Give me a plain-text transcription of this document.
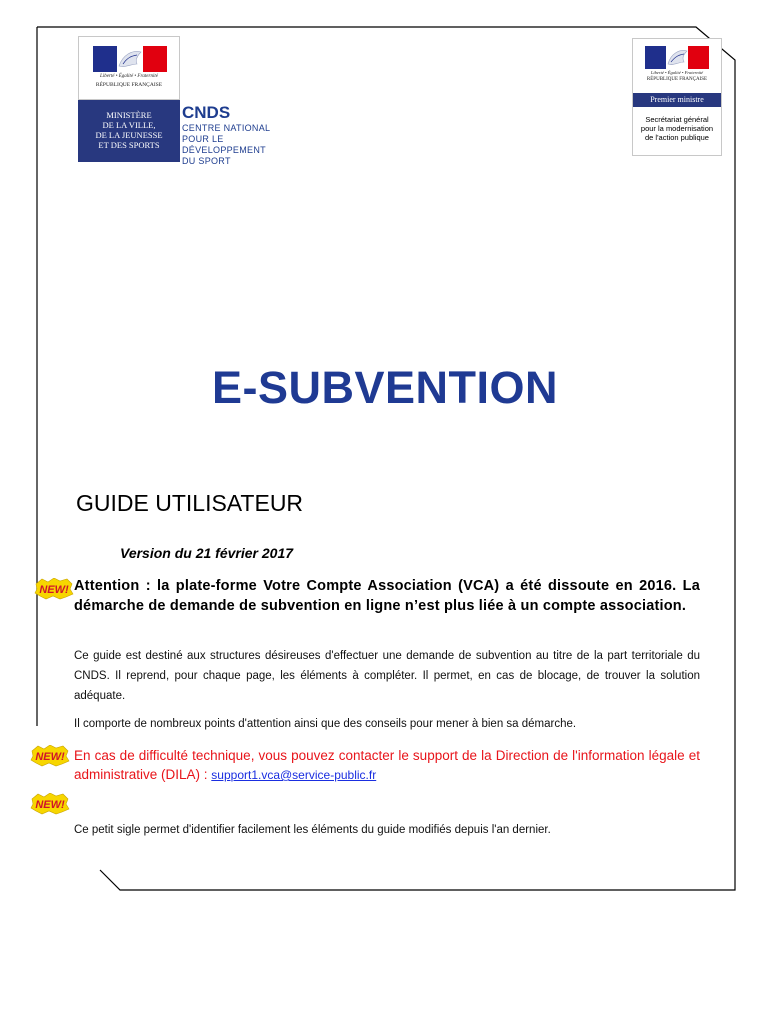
Liberté • Égalité • Fraternité
RÉPUBLIQUE FRANÇAISE
MINISTÈRE
DE LA VILLE,
DE LA JEUNESSE
ET DES SPORTS
CNDS
CENTRE NATIONAL
POUR LE
DÉVELOPPEMENT
DU SPORT
Liberté • Égalité • Fraternité
RÉPUBLIQUE FRANÇAISE
Premier ministre
Secrétariat général
pour la modernisation
de l'action publique
E-SUBVENTION
GUIDE UTILISATEUR
Version du 21 février 2017
NEW!
NEW!
NEW!
Attention : la plate-forme Votre Compte Association (VCA) a été dissoute en 2016. La démarche de demande de subvention en ligne n’est plus liée à un compte association.
Ce guide est destiné aux structures désireuses d'effectuer une demande de subvention au titre de la part territoriale du CNDS. Il reprend, pour chaque page, les éléments à compléter. Il permet, en cas de blocage, de trouver la solution adéquate.
Il comporte de nombreux points d'attention ainsi que des conseils pour mener à bien sa démarche.
En cas de difficulté technique, vous pouvez contacter le support de la Direction de l'information légale et administrative (DILA) : support1.vca@service-public.fr
Ce petit sigle permet d'identifier facilement les éléments du guide modifiés depuis l'an dernier.
